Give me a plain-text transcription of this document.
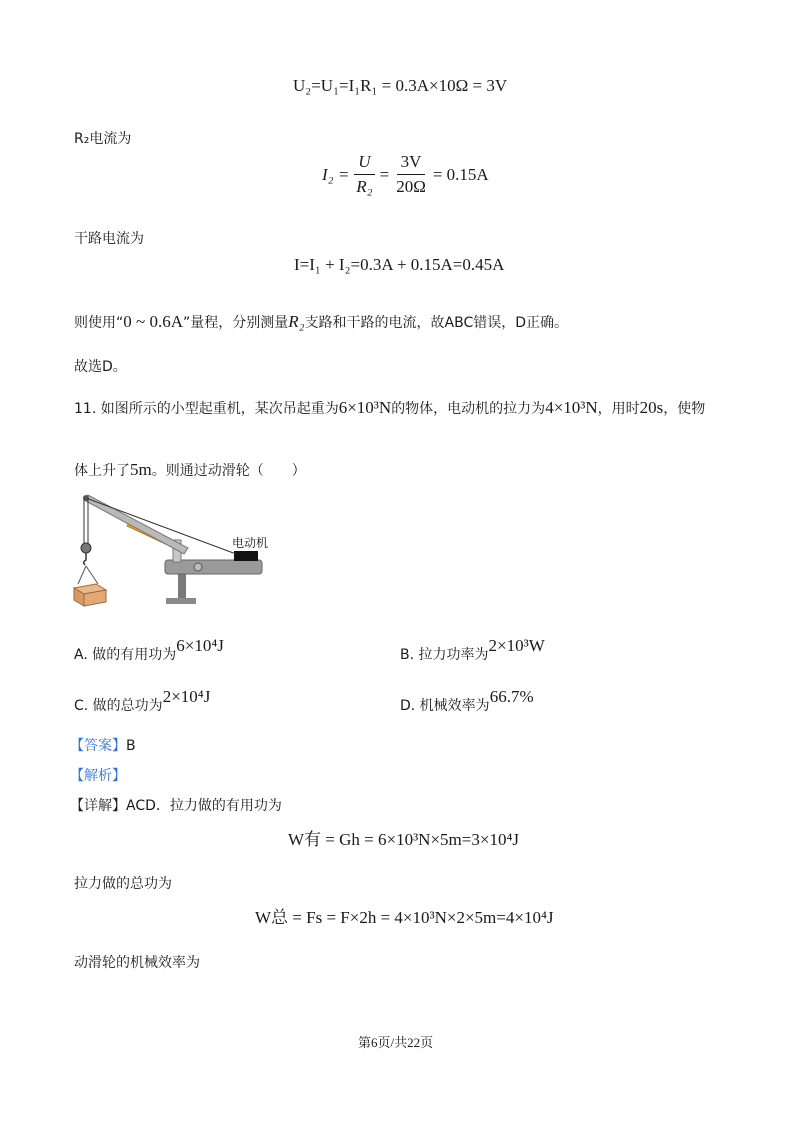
U₂=U₁=I₁R₁ = 0.3A×10Ω = 3V
R₂电流为
$I_2 = \frac{U}{\text{R₂}} = \frac{3V}{20\Omega} = 0.15A$
干路电流为
I=I₁ + I₂=0.3A + 0.15A=0.45A
则使用“0 ~ 0.6A”量程，分别测量R₂支路和干路的电流，故ABC错误，D正确。
故选D。
11. 如图所示的小型起重机，某次吊起重为6×10³N的物体，电动机的拉力为4×10³N，用时20s，使物
体上升了5m。则通过动滑轮（　　）
电动机
A. 做的有用功为6×10⁴J	B. 拉力功率为2×10³W
C. 做的总功为2×10⁴J	D. 机械效率为66.7%
【答案】B
【解析】
【详解】ACD．拉力做的有用功为
W有 = Gh = 6×10³N×5m=3×10⁴J
拉力做的总功为
W总 = Fs = F×2h = 4×10³N×2×5m=4×10⁴J
动滑轮的机械效率为
第6页/共22页
